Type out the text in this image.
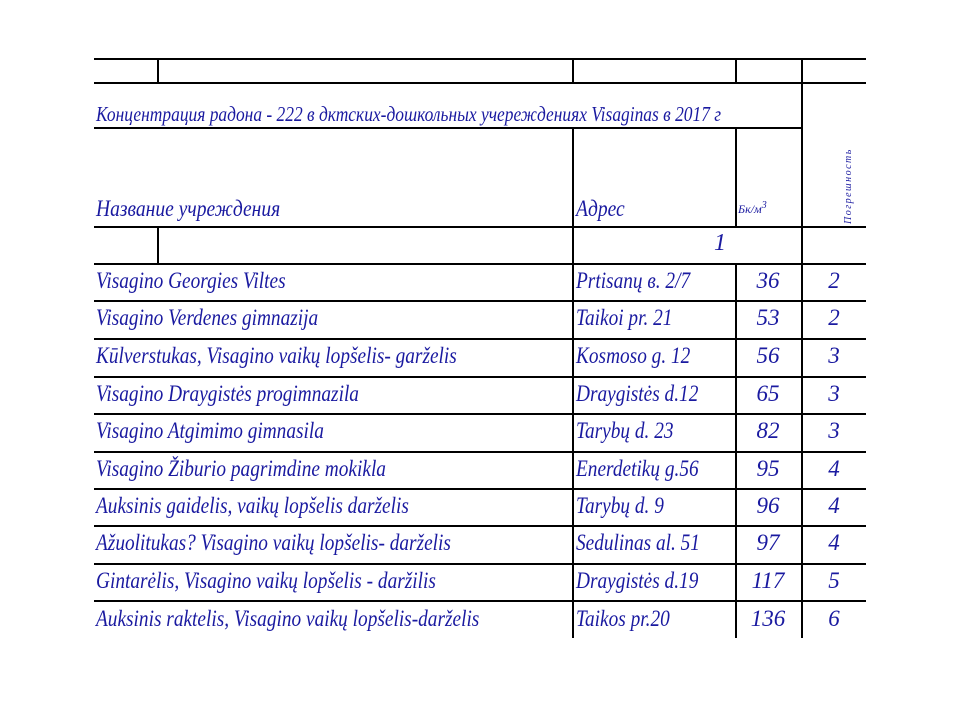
Концентрация радона - 222 в дктских-дошкольных учереждениях Visaginas в 2017 г
Название учреждения	Адрес	$Бк/м^3$	Погрешность
1
Visagino Georgies Viltes	Prtisanų в. 2/7	36	2
Visagino Verdenes gimnazija	Taikoi pr. 21	53	2
Kūlverstukas, Visagino vaikų lopšelis- garželis	Kosmoso g. 12	56	3
Visagino Draygistės progimnazila	Draygistės d.12	65	3
Visagino Atgimimo gimnasila	Tarybų d. 23	82	3
Visagino Žiburio pagrimdine mokikla	Enerdetikų g.56	95	4
Auksinis gaidelis, vaikų lopšelis darželis	Tarybų d. 9	96	4
Ažuolitukas? Visagino vaikų lopšelis- darželis	Sedulinas al. 51	97	4
Gintarėlis, Visagino vaikų lopšelis - daržilis	Draygistės d.19	117	5
Auksinis raktelis, Visagino vaikų lopšelis-darželis	Taikos pr.20	136	6
